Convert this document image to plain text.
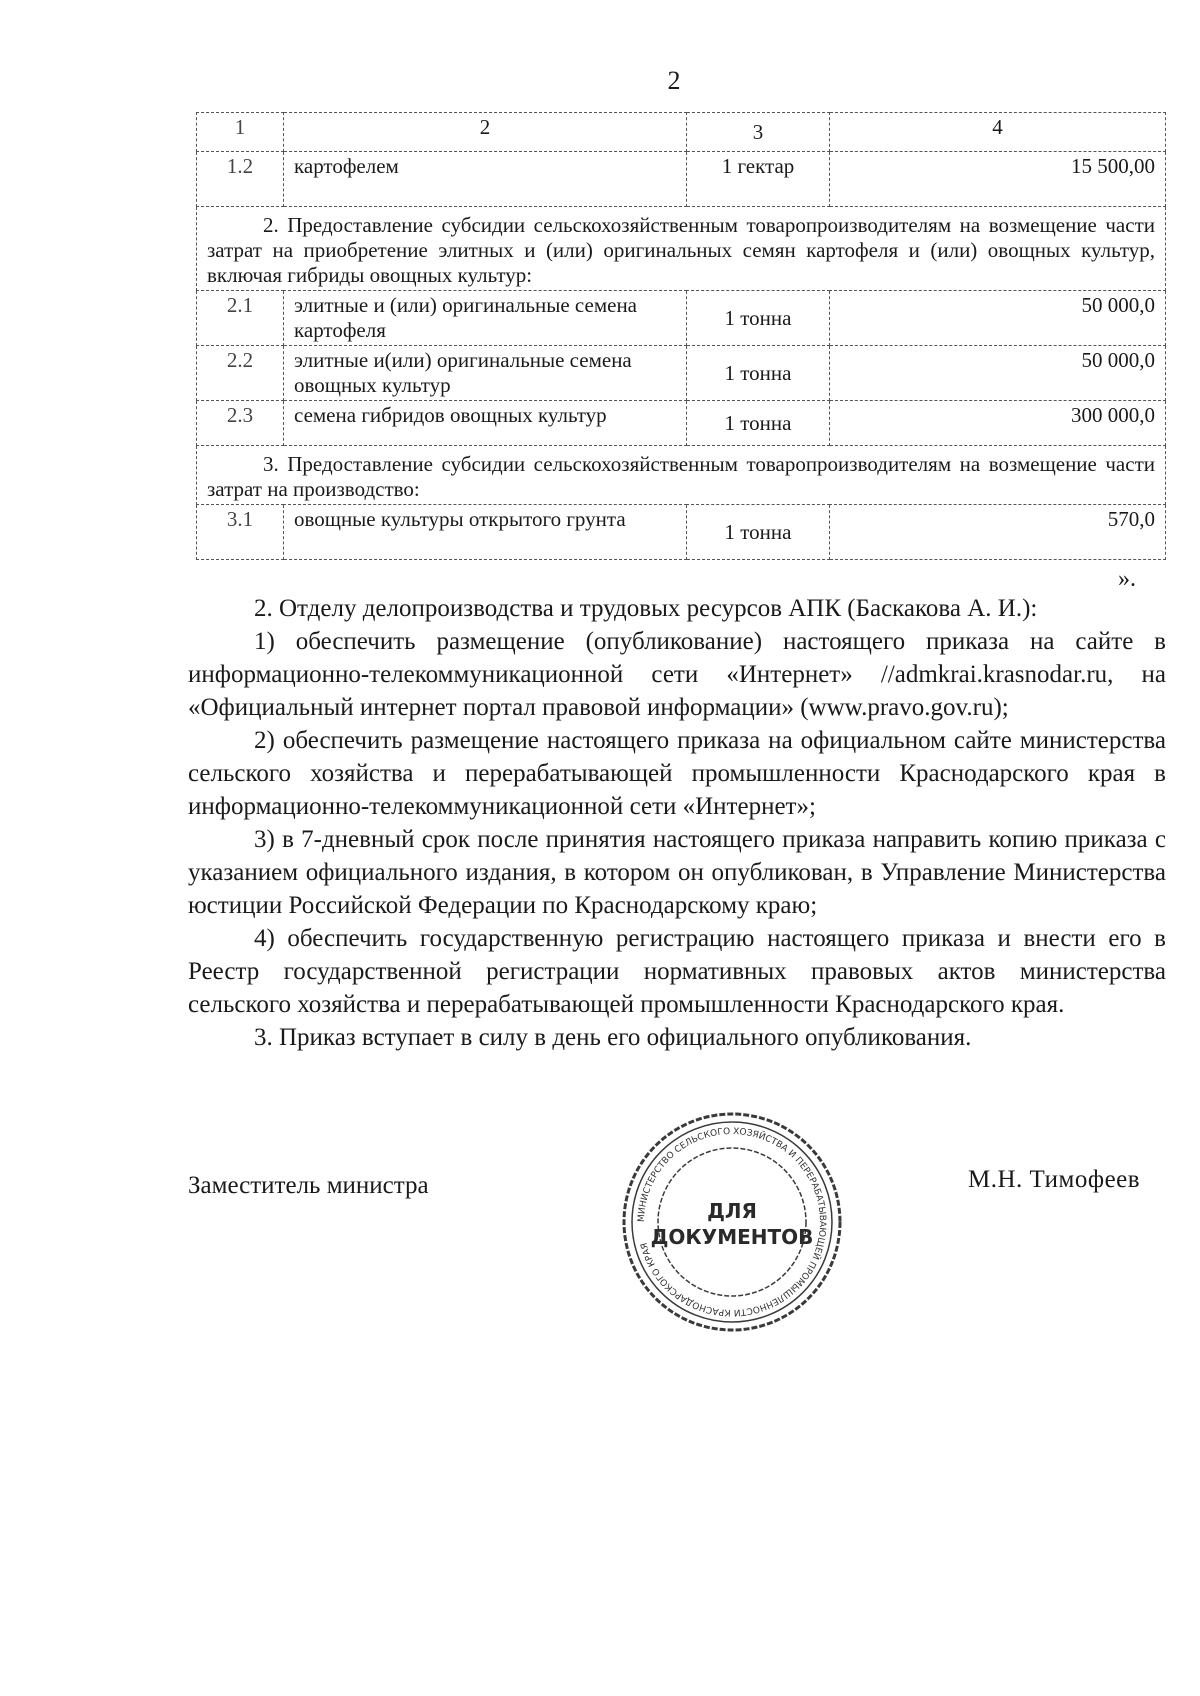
2
1	2	3	4
1.2	картофелем	1 гектар	15 500,00
2. Предоставление субсидии сельскохозяйственным товаропроизводителям на возмещение части затрат на приобретение элитных и (или) оригинальных семян картофеля и (или) овощных культур, включая гибриды овощных культур:			
2.1	элитные и (или) оригинальные семена картофеля	1 тонна	50 000,0
2.2	элитные и(или) оригинальные семена овощных культур	1 тонна	50 000,0
2.3	семена гибридов овощных культур	1 тонна	300 000,0
3. Предоставление субсидии сельскохозяйственным товаропроизводителям на возмещение части затрат на производство:			
3.1	овощные культуры открытого грунта	1 тонна	570,0
».

2. Отделу делопроизводства и трудовых ресурсов АПК (Баскакова А. И.):

1) обеспечить размещение (опубликование) настоящего приказа на сайте в информационно-телекоммуникационной сети «Интернет» //admkrai.krasnodar.ru, на «Официальный интернет портал правовой информации» (www.pravo.gov.ru);

2) обеспечить размещение настоящего приказа на официальном сайте министерства сельского хозяйства и перерабатывающей промышленности Краснодарского края в информационно-телекоммуникационной сети «Интернет»;

3) в 7-дневный срок после принятия настоящего приказа направить копию приказа с указанием официального издания, в котором он опубликован, в Управление Министерства юстиции Российской Федерации по Краснодарскому краю;

4) обеспечить государственную регистрацию настоящего приказа и внести его в Реестр государственной регистрации нормативных правовых актов министерства сельского хозяйства и перерабатывающей промышленности Краснодарского края.

3. Приказ вступает в силу в день его официального опубликования.

Заместитель министра	М.Н. Тимофеев
МИНИСТЕРСТВО СЕЛЬСКОГО ХОЗЯЙСТВА И ПЕРЕРАБАТЫВАЮЩЕЙ ПРОМЫШЛЕННОСТИ КРАСНОДАРСКОГО КРАЯ
ДЛЯ
ДОКУМЕНТОВ
